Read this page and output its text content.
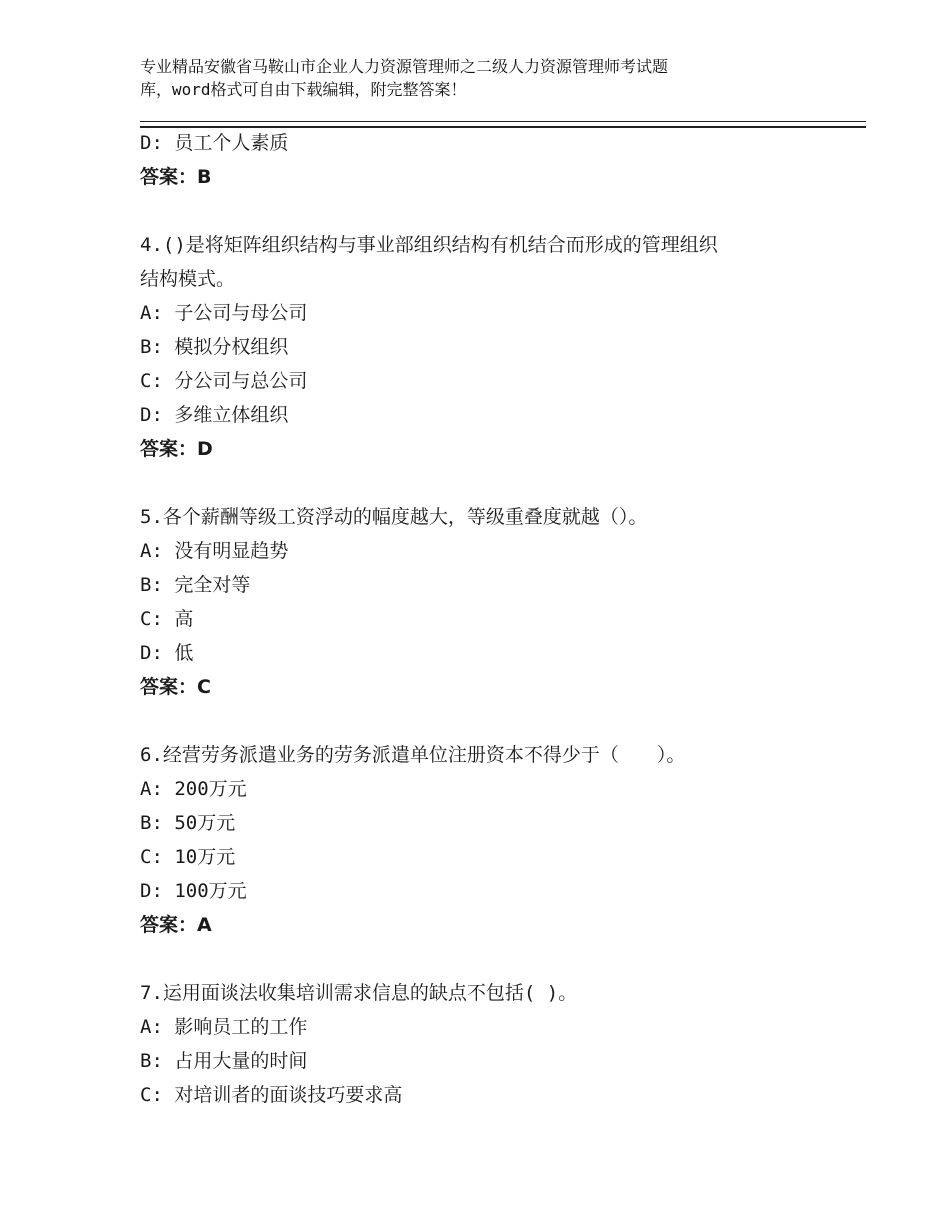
专业精品安徽省马鞍山市企业人力资源管理师之二级人力资源管理师考试题
库，word格式可自由下载编辑，附完整答案！
D: 员工个人素质
答案：B
4.()是将矩阵组织结构与事业部组织结构有机结合而形成的管理组织
结构模式。
A: 子公司与母公司
B: 模拟分权组织
C: 分公司与总公司
D: 多维立体组织
答案：D
5.各个薪酬等级工资浮动的幅度越大，等级重叠度就越（）。
A: 没有明显趋势
B: 完全对等
C: 高
D: 低
答案：C
6.经营劳务派遣业务的劳务派遣单位注册资本不得少于（　　）。
A: 200万元
B: 50万元
C: 10万元
D: 100万元
答案：A
7.运用面谈法收集培训需求信息的缺点不包括( )。
A: 影响员工的工作
B: 占用大量的时间
C: 对培训者的面谈技巧要求高
